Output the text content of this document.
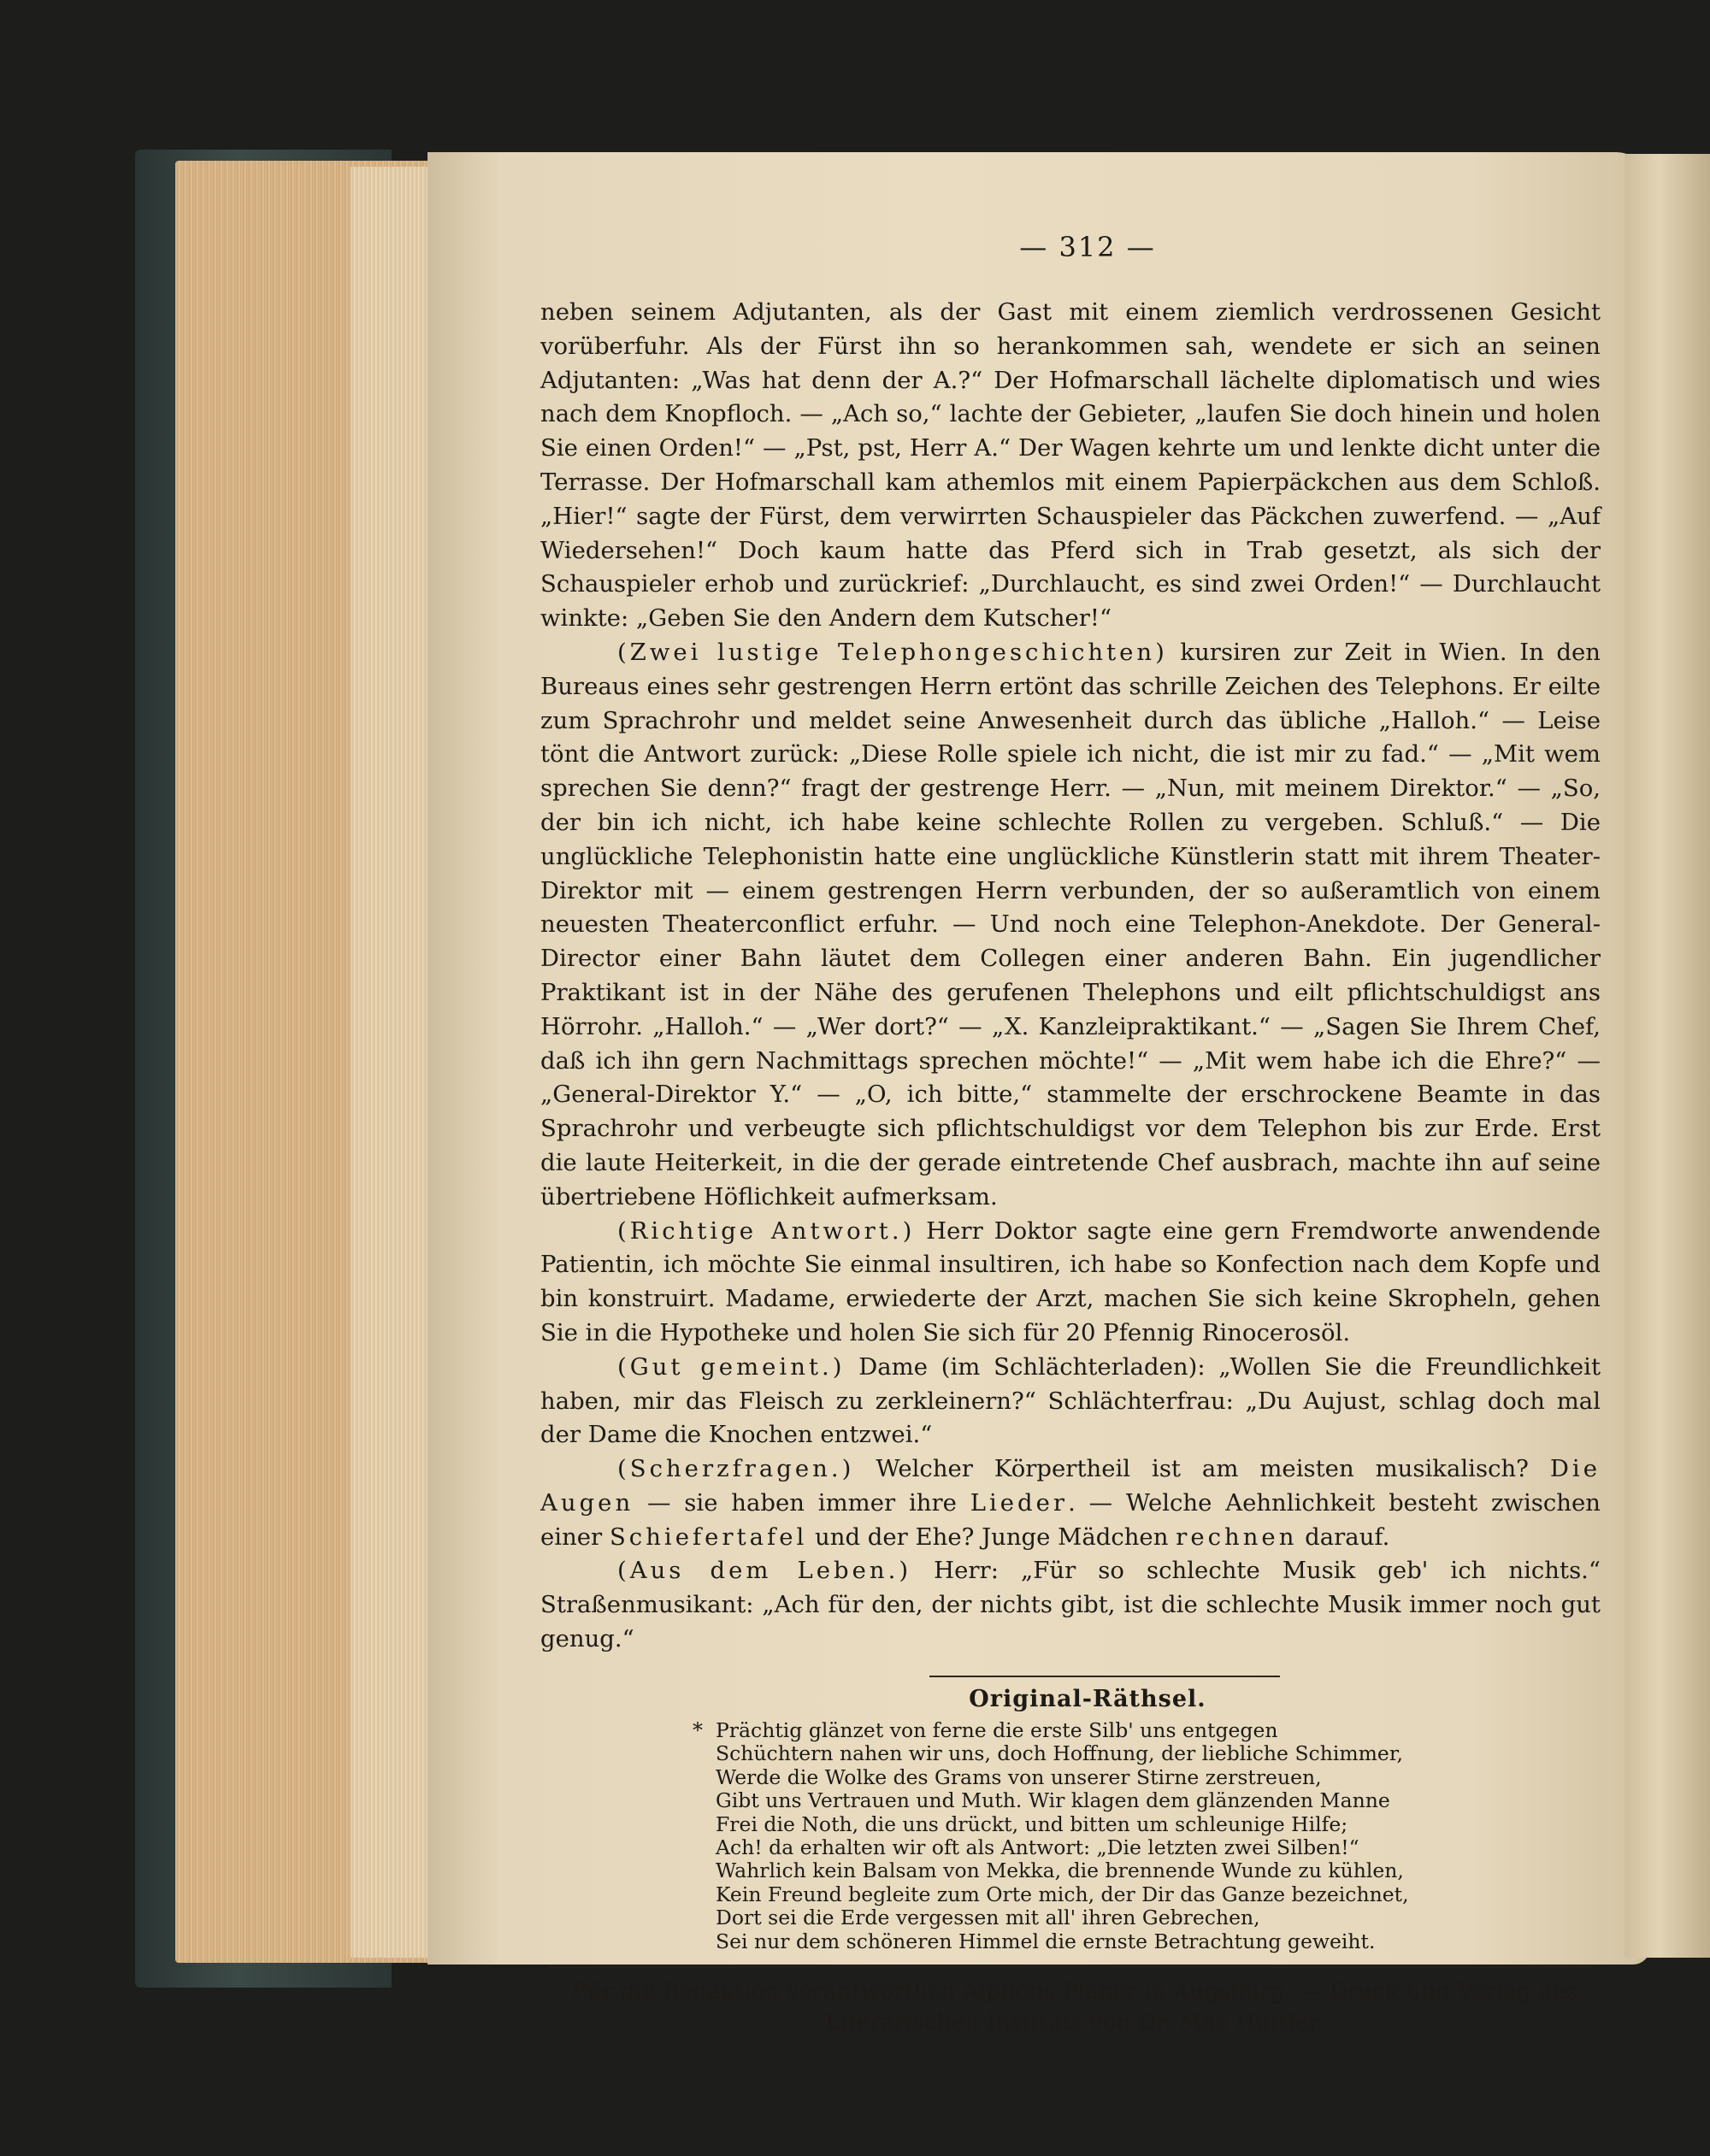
— 312 —

neben seinem Adjutanten, als der Gast mit einem ziemlich verdrossenen Gesicht vorüberfuhr. Als der Fürst ihn so herankommen sah, wendete er sich an seinen Adjutanten: „Was hat denn der A.?“ Der Hofmarschall lächelte diplomatisch und wies nach dem Knopfloch. — „Ach so,“ lachte der Gebieter, „laufen Sie doch hinein und holen Sie einen Orden!“ — „Pst, pst, Herr A.“ Der Wagen kehrte um und lenkte dicht unter die Terrasse. Der Hofmarschall kam athemlos mit einem Papierpäckchen aus dem Schloß. „Hier!“ sagte der Fürst, dem verwirrten Schauspieler das Päckchen zuwerfend. — „Auf Wiedersehen!“ Doch kaum hatte das Pferd sich in Trab gesetzt, als sich der Schauspieler erhob und zurückrief: „Durchlaucht, es sind zwei Orden!“ — Durchlaucht winkte: „Geben Sie den Andern dem Kutscher!“

(Zwei lustige Telephongeschichten) kursiren zur Zeit in Wien. In den Bureaus eines sehr gestrengen Herrn ertönt das schrille Zeichen des Telephons. Er eilte zum Sprachrohr und meldet seine Anwesenheit durch das übliche „Halloh.“ — Leise tönt die Antwort zurück: „Diese Rolle spiele ich nicht, die ist mir zu fad.“ — „Mit wem sprechen Sie denn?“ fragt der gestrenge Herr. — „Nun, mit meinem Direktor.“ — „So, der bin ich nicht, ich habe keine schlechte Rollen zu vergeben. Schluß.“ — Die unglückliche Telephonistin hatte eine unglückliche Künstlerin statt mit ihrem Theater-Direktor mit — einem gestrengen Herrn verbunden, der so außeramtlich von einem neuesten Theaterconflict erfuhr. — Und noch eine Telephon-Anekdote. Der General-Director einer Bahn läutet dem Collegen einer anderen Bahn. Ein jugendlicher Praktikant ist in der Nähe des gerufenen Thelephons und eilt pflichtschuldigst ans Hörrohr. „Halloh.“ — „Wer dort?“ — „X. Kanzleipraktikant.“ — „Sagen Sie Ihrem Chef, daß ich ihn gern Nachmittags sprechen möchte!“ — „Mit wem habe ich die Ehre?“ — „General-Direktor Y.“ — „O, ich bitte,“ stammelte der erschrockene Beamte in das Sprachrohr und verbeugte sich pflichtschuldigst vor dem Telephon bis zur Erde. Erst die laute Heiterkeit, in die der gerade eintretende Chef ausbrach, machte ihn auf seine übertriebene Höflichkeit aufmerksam.

(Richtige Antwort.) Herr Doktor sagte eine gern Fremdworte anwendende Patientin, ich möchte Sie einmal insultiren, ich habe so Konfection nach dem Kopfe und bin konstruirt. Madame, erwiederte der Arzt, machen Sie sich keine Skropheln, gehen Sie in die Hypotheke und holen Sie sich für 20 Pfennig Rinocerosöl.

(Gut gemeint.) Dame (im Schlächterladen): „Wollen Sie die Freundlichkeit haben, mir das Fleisch zu zerkleinern?“ Schlächterfrau: „Du Aujust, schlag doch mal der Dame die Knochen entzwei.“

(Scherzfragen.) Welcher Körpertheil ist am meisten musikalisch? Die Augen — sie haben immer ihre Lieder. — Welche Aehnlichkeit besteht zwischen einer Schiefertafel und der Ehe? Junge Mädchen rechnen darauf.

(Aus dem Leben.) Herr: „Für so schlechte Musik geb' ich nichts.“ Straßenmusikant: „Ach für den, der nichts gibt, ist die schlechte Musik immer noch gut genug.“

Original-Räthsel.
* Prächtig glänzet von ferne die erste Silb' uns entgegen
Schüchtern nahen wir uns, doch Hoffnung, der liebliche Schimmer,
Werde die Wolke des Grams von unserer Stirne zerstreuen,
Gibt uns Vertrauen und Muth. Wir klagen dem glänzenden Manne
Frei die Noth, die uns drückt, und bitten um schleunige Hilfe;
Ach! da erhalten wir oft als Antwort: „Die letzten zwei Silben!“
Wahrlich kein Balsam von Mekka, die brennende Wunde zu kühlen,
Kein Freund begleite zum Orte mich, der Dir das Ganze bezeichnet,
Dort sei die Erde vergessen mit all' ihren Gebrechen,
Sei nur dem schöneren Himmel die ernste Betrachtung geweiht.
Für die Redaktion verantwortlich Alphons Planer in Augsburg. — Druck und Verlag des
Literarischen Instituts von Dr. Max Huttler.
